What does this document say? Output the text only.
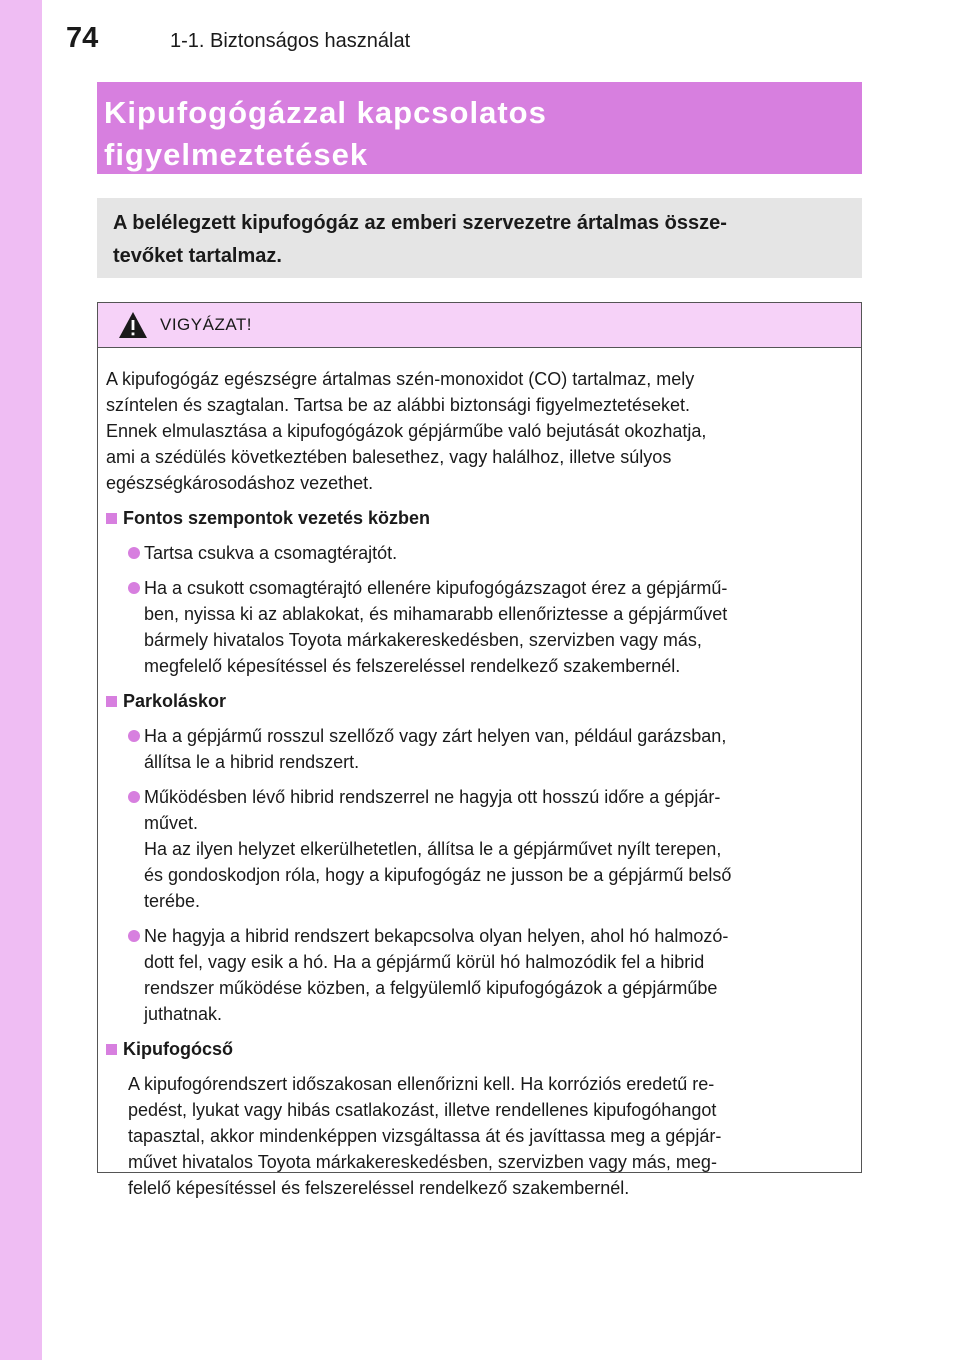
74	1-1. Biztonságos használat
Kipufogógázzal kapcsolatos
figyelmeztetések
A belélegzett kipufogógáz az emberi szervezetre ártalmas össze-
tevőket tartalmaz.
VIGYÁZAT!
A kipufogógáz egészségre ártalmas szén-monoxidot (CO) tartalmaz, mely
színtelen és szagtalan. Tartsa be az alábbi biztonsági figyelmeztetéseket.
Ennek elmulasztása a kipufogógázok gépjárműbe való bejutását okozhatja,
ami a szédülés következtében balesethez, vagy halálhoz, illetve súlyos
egészségkárosodáshoz vezethet.
Fontos szempontok vezetés közben
Tartsa csukva a csomagtérajtót.
Ha a csukott csomagtérajtó ellenére kipufogógázszagot érez a gépjármű-
ben, nyissa ki az ablakokat, és mihamarabb ellenőriztesse a gépjárművet
bármely hivatalos Toyota márkakereskedésben, szervizben vagy más,
megfelelő képesítéssel és felszereléssel rendelkező szakembernél.
Parkoláskor
Ha a gépjármű rosszul szellőző vagy zárt helyen van, például garázsban,
állítsa le a hibrid rendszert.
Működésben lévő hibrid rendszerrel ne hagyja ott hosszú időre a gépjár-
művet.
Ha az ilyen helyzet elkerülhetetlen, állítsa le a gépjárművet nyílt terepen,
és gondoskodjon róla, hogy a kipufogógáz ne jusson be a gépjármű belső
terébe.
Ne hagyja a hibrid rendszert bekapcsolva olyan helyen, ahol hó halmozó-
dott fel, vagy esik a hó. Ha a gépjármű körül hó halmozódik fel a hibrid
rendszer működése közben, a felgyülemlő kipufogógázok a gépjárműbe
juthatnak.
Kipufogócső
A kipufogórendszert időszakosan ellenőrizni kell. Ha korróziós eredetű re-
pedést, lyukat vagy hibás csatlakozást, illetve rendellenes kipufogóhangot
tapasztal, akkor mindenképpen vizsgáltassa át és javíttassa meg a gépjár-
művet hivatalos Toyota márkakereskedésben, szervizben vagy más, meg-
felelő képesítéssel és felszereléssel rendelkező szakembernél.
